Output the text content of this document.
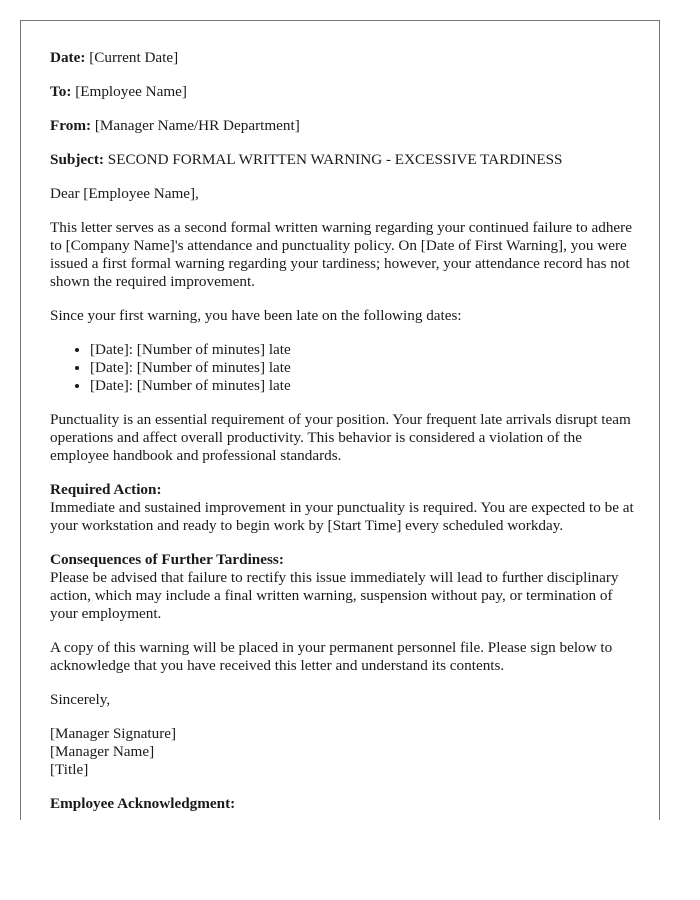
Date: [Current Date]

To: [Employee Name]

From: [Manager Name/HR Department]

Subject: SECOND FORMAL WRITTEN WARNING - EXCESSIVE TARDINESS

Dear [Employee Name],

This letter serves as a second formal written warning regarding your continued failure to adhere to [Company Name]'s attendance and punctuality policy. On [Date of First Warning], you were issued a first formal warning regarding your tardiness; however, your attendance record has not shown the required improvement.

Since your first warning, you have been late on the following dates:

• [Date]: [Number of minutes] late
• [Date]: [Number of minutes] late
• [Date]: [Number of minutes] late

Punctuality is an essential requirement of your position. Your frequent late arrivals disrupt team operations and affect overall productivity. This behavior is considered a violation of the employee handbook and professional standards.

Required Action:
Immediate and sustained improvement in your punctuality is required. You are expected to be at your workstation and ready to begin work by [Start Time] every scheduled workday.

Consequences of Further Tardiness:
Please be advised that failure to rectify this issue immediately will lead to further disciplinary action, which may include a final written warning, suspension without pay, or termination of your employment.

A copy of this warning will be placed in your permanent personnel file. Please sign below to acknowledge that you have received this letter and understand its contents.

Sincerely,

[Manager Signature]
[Manager Name]
[Title]

Employee Acknowledgment:
